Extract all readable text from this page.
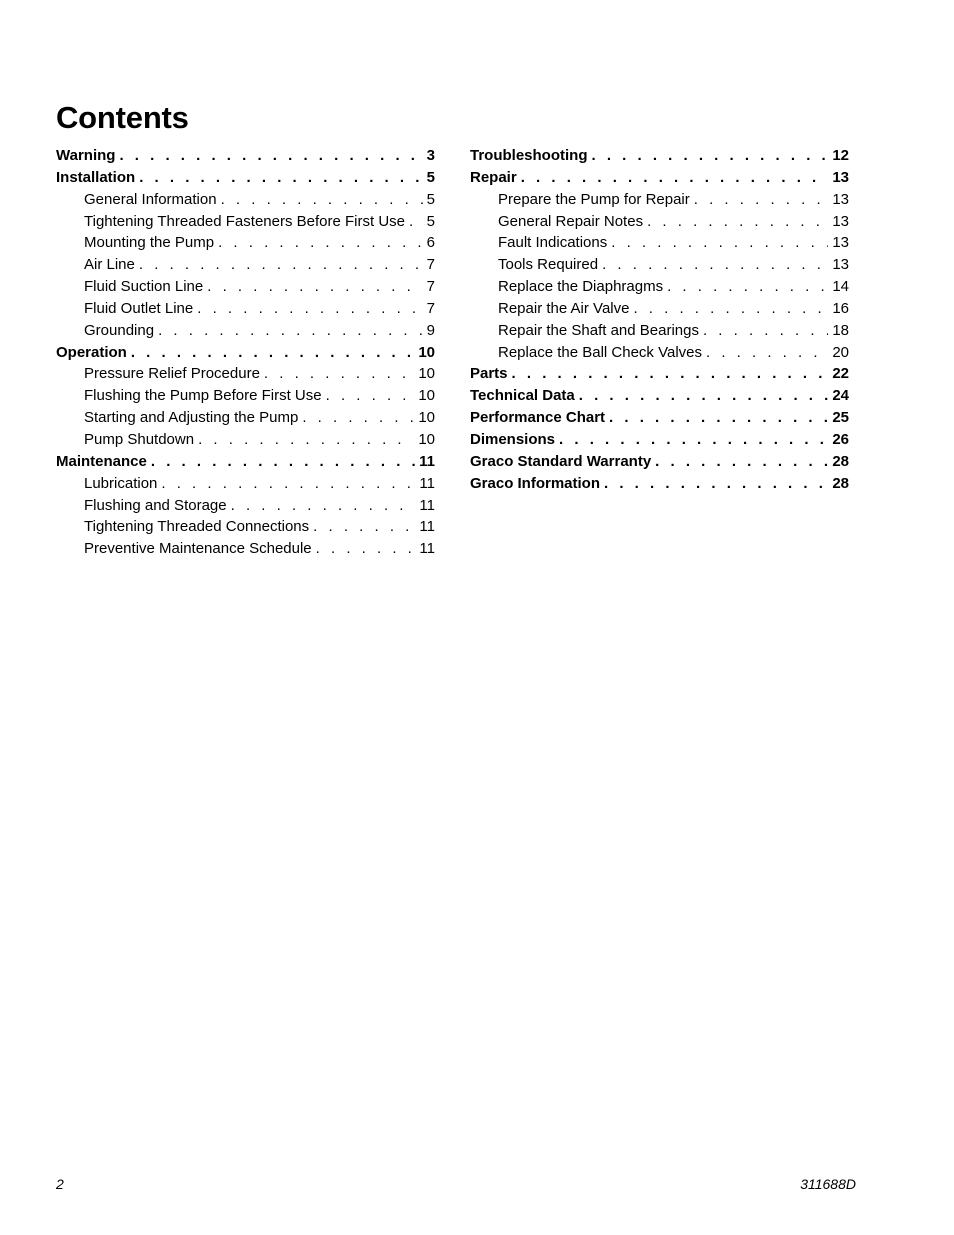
Contents
Warning . . .	3
Installation . . .	5
General Information . . .	5
Tightening Threaded Fasteners Before First Use . . . 5
Mounting the Pump . . .	6
Air Line . . .	7
Fluid Suction Line . . .	7
Fluid Outlet Line . . .	7
Grounding . . .	9
Operation . . .	10
Pressure Relief Procedure . . .	10
Flushing the Pump Before First Use . . .	10
Starting and Adjusting the Pump . . .	10
Pump Shutdown . . .	10
Maintenance . . .	11
Lubrication . . .	11
Flushing and Storage . . .	11
Tightening Threaded Connections . . .	11
Preventive Maintenance Schedule . . .	11
Troubleshooting . . .	12
Repair . . .	13
Prepare the Pump for Repair . . .	13
General Repair Notes . . .	13
Fault Indications . . .	13
Tools Required . . .	13
Replace the Diaphragms . . .	14
Repair the Air Valve . . .	16
Repair the Shaft and Bearings . . .	18
Replace the Ball Check Valves . . .	20
Parts . . .	22
Technical Data . . .	24
Performance Chart . . .	25
Dimensions . . .	26
Graco Standard Warranty . . .	28
Graco Information . . .	28
2	311688D
